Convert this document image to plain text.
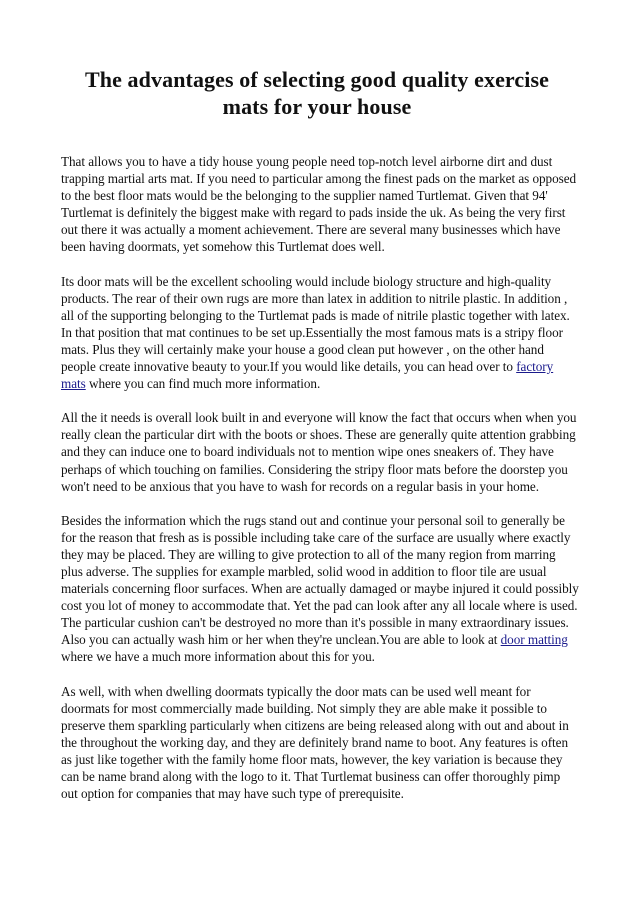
The advantages of selecting good quality exercise mats for your house

That allows you to have a tidy house young people need top-notch level airborne dirt and dust trapping martial arts mat. If you need to particular among the finest pads on the market as opposed to the best floor mats would be the belonging to the supplier named Turtlemat. Given that 94' Turtlemat is definitely the biggest make with regard to pads inside the uk. As being the very first out there it was actually a moment achievement. There are several many businesses which have been having doormats, yet somehow this Turtlemat does well.

Its door mats will be the excellent schooling would include biology structure and high-quality products. The rear of their own rugs are more than latex in addition to nitrile plastic. In addition , all of the supporting belonging to the Turtlemat pads is made of nitrile plastic together with latex. In that position that mat continues to be set up.Essentially the most famous mats is a stripy floor mats. Plus they will certainly make your house a good clean put however , on the other hand people create innovative beauty to your.If you would like details, you can head over to factory mats where you can find much more information.

All the it needs is overall look built in and everyone will know the fact that occurs when when you really clean the particular dirt with the boots or shoes. These are generally quite attention grabbing and they can induce one to board individuals not to mention wipe ones sneakers of. They have perhaps of which touching on families. Considering the stripy floor mats before the doorstep you won't need to be anxious that you have to wash for records on a regular basis in your home.

Besides the information which the rugs stand out and continue your personal soil to generally be for the reason that fresh as is possible including take care of the surface are usually where exactly they may be placed. They are willing to give protection to all of the many region from marring plus adverse. The supplies for example marbled, solid wood in addition to floor tile are usual materials concerning floor surfaces. When are actually damaged or maybe injured it could possibly cost you lot of money to accommodate that. Yet the pad can look after any all locale where is used. The particular cushion can't be destroyed no more than it's possible in many extraordinary issues. Also you can actually wash him or her when they're unclean.You are able to look at door matting where we have a much more information about this for you.

As well, with when dwelling doormats typically the door mats can be used well meant for doormats for most commercially made building. Not simply they are able make it possible to preserve them sparkling particularly when citizens are being released along with out and about in the throughout the working day, and they are definitely brand name to boot. Any features is often as just like together with the family home floor mats, however, the key variation is because they can be name brand along with the logo to it. That Turtlemat business can offer thoroughly pimp out option for companies that may have such type of prerequisite.
